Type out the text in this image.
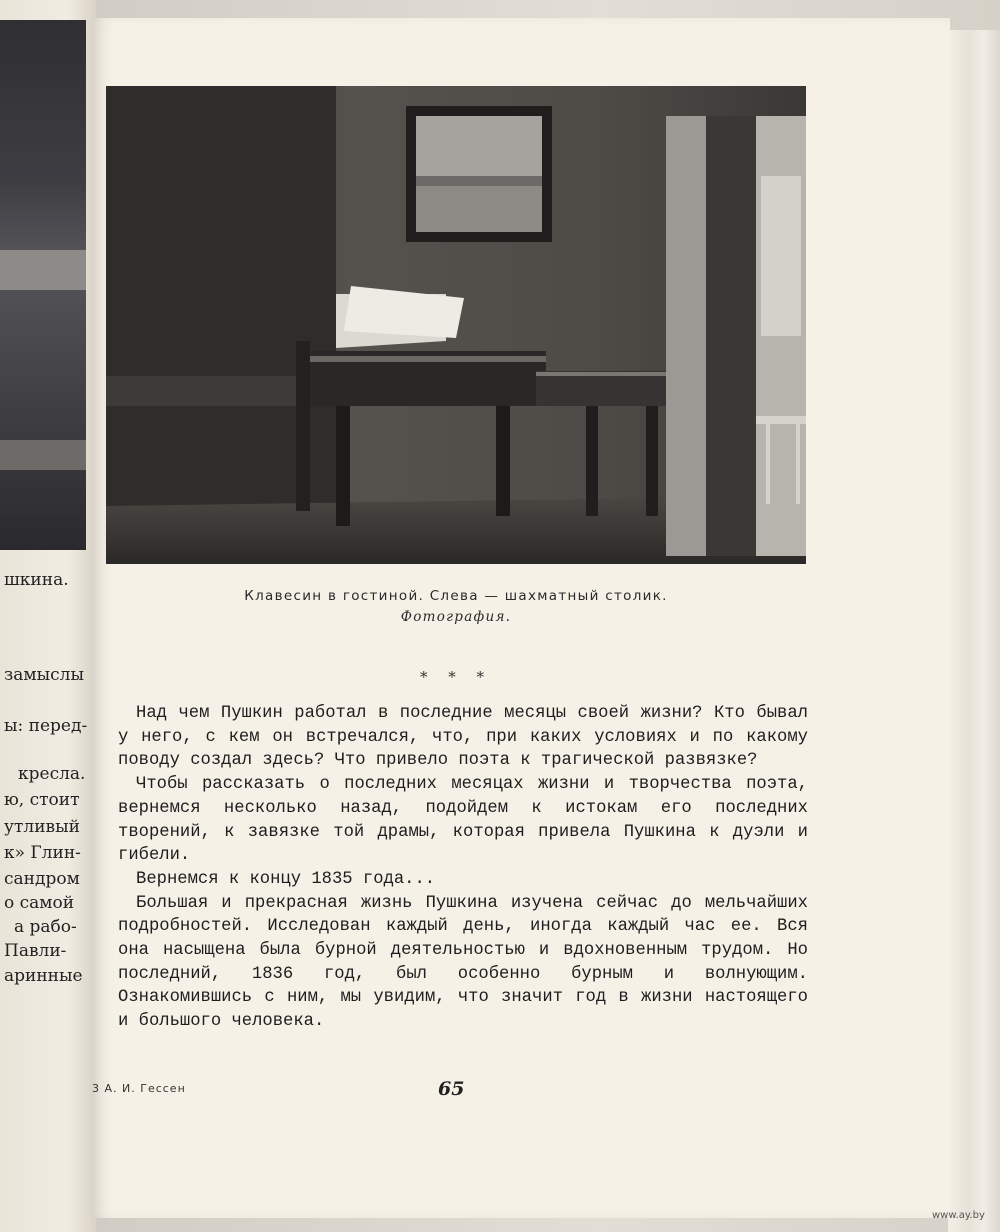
шкина.
замыслы
ы: перед-
кресла.
ю, стоит
утливый
к» Глин-
сандром
о самой
а рабо-
Павли-
аринные
Клавесин в гостиной. Слева — шахматный столик.
Фотография.
* * *

Над чем Пушкин работал в последние месяцы своей жизни? Кто бывал у него, с кем он встречался, что, при каких условиях и по какому поводу создал здесь? Что привело поэта к трагической развязке?

Чтобы рассказать о последних месяцах жизни и творчества поэта, вернемся несколько назад, подойдем к истокам его последних творений, к завязке той драмы, которая привела Пушкина к дуэли и гибели.

Вернемся к концу 1835 года...

Большая и прекрасная жизнь Пушкина изучена сейчас до мельчайших подробностей. Исследован каждый день, иногда каждый час ее. Вся она насыщена была бурной деятельностью и вдохновенным трудом. Но последний, 1836 год, был особенно бурным и волнующим. Ознакомившись с ним, мы увидим, что значит год в жизни настоящего и большого человека.

3 А. И. Гессен	65
www.ay.by
